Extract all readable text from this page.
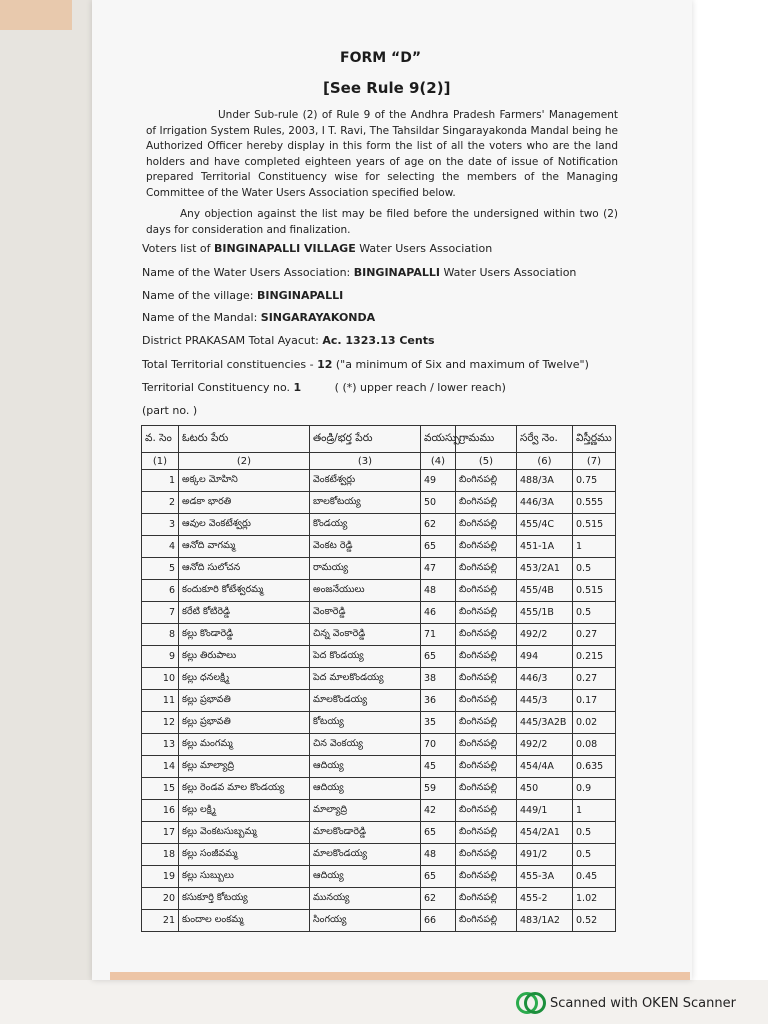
FORM “D”
[See Rule 9(2)]
Under Sub-rule (2) of Rule 9 of the Andhra Pradesh Farmers' Management of Irrigation System Rules, 2003, I T. Ravi, The Tahsildar Singarayakonda Mandal being he Authorized Officer hereby display in this form the list of all the voters who are the land holders and have completed eighteen years of age on the date of issue of Notification prepared Territorial Constituency wise for selecting the members of the Managing Committee of the Water Users Association specified below.
Any objection against the list may be filed before the undersigned within two (2) days for consideration and finalization.
Voters list of BINGINAPALLI VILLAGE Water Users Association
Name of the Water Users Association: BINGINAPALLI Water Users Association
Name of the village: BINGINAPALLI
Name of the Mandal: SINGARAYAKONDA
District PRAKASAM Total Ayacut: Ac. 1323.13 Cents
Total Territorial constituencies - 12 ("a minimum of Six and maximum of Twelve")
Territorial Constituency no. 1	( (*) upper reach / lower reach)
(part no. )
వ. సెం	ఓటరు పేరు	తండ్రి/భర్త పేరు	వయస్సు	గ్రామము	సర్వే నెం.	విస్తీర్ణము
(1)	(2)	(3)	(4)	(5)	(6)	(7)
1	అక్కల మోహిని	వెంకటేశ్వర్లు	49	బింగినపల్లి	488/3A	0.75
2	అడకా భారతి	బాలకోటయ్య	50	బింగినపల్లి	446/3A	0.555
3	ఆవుల వెంకటేశ్వర్లు	కొండయ్య	62	బింగినపల్లి	455/4C	0.515
4	ఆనోది వాగమ్మ	వెంకట రెడ్డి	65	బింగినపల్లి	451-1A	1
5	ఆనోది సులోచన	రామయ్య	47	బింగినపల్లి	453/2A1	0.5
6	కందుకూరి కోటేశ్వరమ్మ	అంజనేయులు	48	బింగినపల్లి	455/4B	0.515
7	కరేటి కోటిరెడ్డి	వెంకారెడ్డి	46	బింగినపల్లి	455/1B	0.5
8	కల్లు కొండారెడ్డి	చిన్న వెంకారెడ్డి	71	బింగినపల్లి	492/2	0.27
9	కల్లు తిరుపాలు	పెద కొండయ్య	65	బింగినపల్లి	494	0.215
10	కల్లు ధనలక్ష్మి	పెద మాలకొండయ్య	38	బింగినపల్లి	446/3	0.27
11	కల్లు ప్రభావతి	మాలకొండయ్య	36	బింగినపల్లి	445/3	0.17
12	కల్లు ప్రభావతి	కోటయ్య	35	బింగినపల్లి	445/3A2B	0.02
13	కల్లు మంగమ్మ	చిన వెంకయ్య	70	బింగినపల్లి	492/2	0.08
14	కల్లు మాల్యాద్రి	ఆదియ్య	45	బింగినపల్లి	454/4A	0.635
15	కల్లు రెండవ మాల కొండయ్య	ఆదియ్య	59	బింగినపల్లి	450	0.9
16	కల్లు లక్ష్మి	మాల్యాద్రి	42	బింగినపల్లి	449/1	1
17	కల్లు వెంకటసుబ్బమ్మ	మాలకొండారెడ్డి	65	బింగినపల్లి	454/2A1	0.5
18	కల్లు సంజీవమ్మ	మాలకొండయ్య	48	బింగినపల్లి	491/2	0.5
19	కల్లు సుబ్బులు	ఆదియ్య	65	బింగినపల్లి	455-3A	0.45
20	కసుకూర్తి కోటయ్య	మునయ్య	62	బింగినపల్లి	455-2	1.02
21	కుందాల లంకమ్మ	సింగయ్య	66	బింగినపల్లి	483/1A2	0.52
Scanned with OKEN Scanner
